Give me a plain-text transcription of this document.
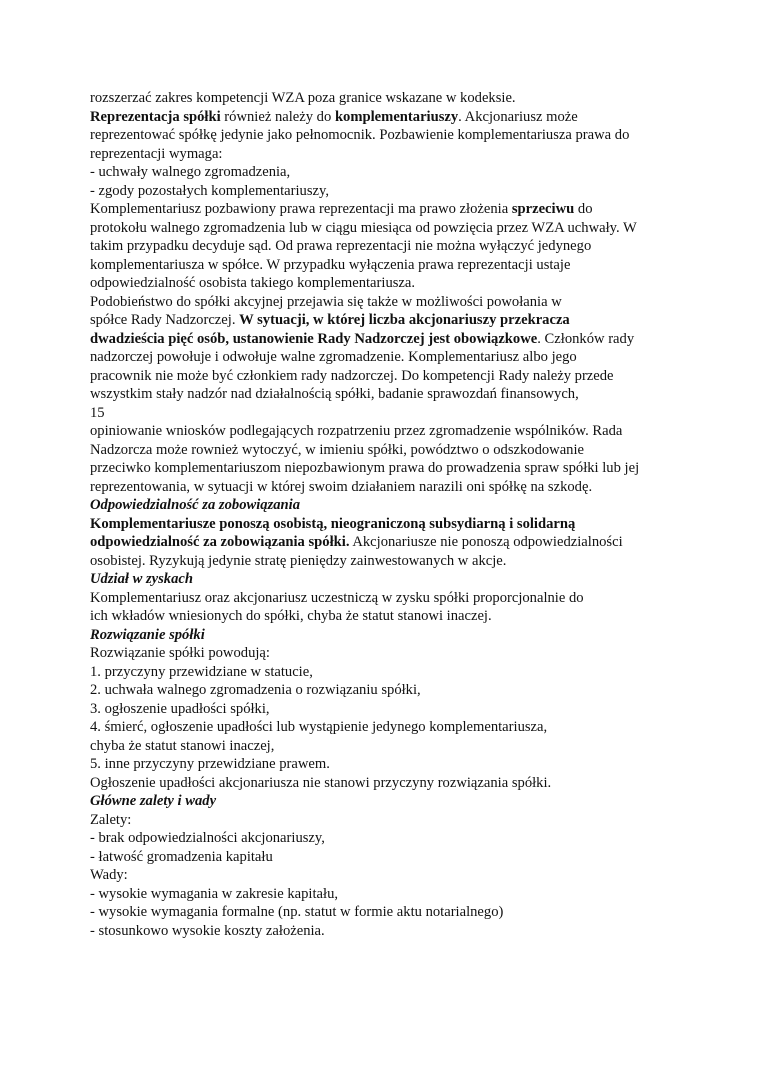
rozszerzać zakres kompetencji WZA poza granice wskazane w kodeksie.
Reprezentacja spółki również należy do komplementariuszy. Akcjonariusz może
reprezentować spółkę jedynie jako pełnomocnik. Pozbawienie komplementariusza prawa do
reprezentacji wymaga:
- uchwały walnego zgromadzenia,
- zgody pozostałych komplementariuszy,
Komplementariusz pozbawiony prawa reprezentacji ma prawo złożenia sprzeciwu do
protokołu walnego zgromadzenia lub w ciągu miesiąca od powzięcia przez WZA uchwały. W
takim przypadku decyduje sąd. Od prawa reprezentacji nie można wyłączyć jedynego
komplementariusza w spółce. W przypadku wyłączenia prawa reprezentacji ustaje
odpowiedzialność osobista takiego komplementariusza.
Podobieństwo do spółki akcyjnej przejawia się także w możliwości powołania w
spółce Rady Nadzorczej. W sytuacji, w której liczba akcjonariuszy przekracza
dwadzieścia pięć osób, ustanowienie Rady Nadzorczej jest obowiązkowe. Członków rady
nadzorczej powołuje i odwołuje walne zgromadzenie. Komplementariusz albo jego
pracownik nie może być członkiem rady nadzorczej. Do kompetencji Rady należy przede
wszystkim stały nadzór nad działalnością spółki, badanie sprawozdań finansowych,
15
opiniowanie wniosków podlegających rozpatrzeniu przez zgromadzenie wspólników. Rada
Nadzorcza może rownież wytoczyć, w imieniu spółki, powództwo o odszkodowanie
przeciwko komplementariuszom niepozbawionym prawa do prowadzenia spraw spółki lub jej
reprezentowania, w sytuacji w której swoim działaniem narazili oni spółkę na szkodę.
Odpowiedzialność za zobowiązania
Komplementariusze ponoszą osobistą, nieograniczoną subsydiarną i solidarną
odpowiedzialność za zobowiązania spółki. Akcjonariusze nie ponoszą odpowiedzialności
osobistej. Ryzykują jedynie stratę pieniędzy zainwestowanych w akcje.
Udział w zyskach
Komplementariusz oraz akcjonariusz uczestniczą w zysku spółki proporcjonalnie do
ich wkładów wniesionych do spółki, chyba że statut stanowi inaczej.
Rozwiązanie spółki
Rozwiązanie spółki powodują:
1. przyczyny przewidziane w statucie,
2. uchwała walnego zgromadzenia o rozwiązaniu spółki,
3. ogłoszenie upadłości spółki,
4. śmierć, ogłoszenie upadłości lub wystąpienie jedynego komplementariusza,
chyba że statut stanowi inaczej,
5. inne przyczyny przewidziane prawem.
Ogłoszenie upadłości akcjonariusza nie stanowi przyczyny rozwiązania spółki.
Główne zalety i wady
Zalety:
- brak odpowiedzialności akcjonariuszy,
- łatwość gromadzenia kapitału
Wady:
- wysokie wymagania w zakresie kapitału,
- wysokie wymagania formalne (np. statut w formie aktu notarialnego)
- stosunkowo wysokie koszty założenia.
